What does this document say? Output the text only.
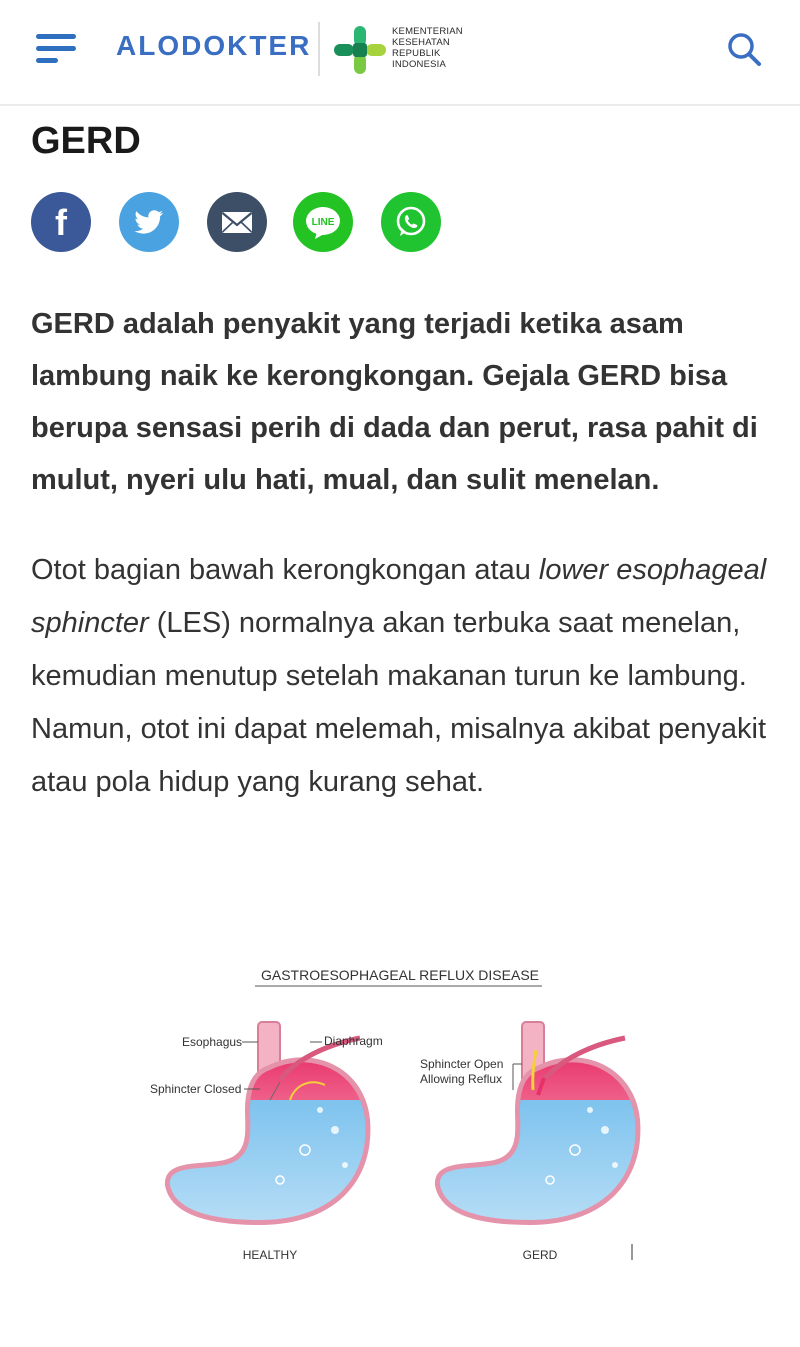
ALODOKTER	KEMENTERIAN
KESEHATAN
REPUBLIK
INDONESIA
GERD
f	LINE

GERD adalah penyakit yang terjadi ketika asam lambung naik ke kerongkongan. Gejala GERD bisa berupa sensasi perih di dada dan perut, rasa pahit di mulut, nyeri ulu hati, mual, dan sulit menelan.

Otot bagian bawah kerongkongan atau lower esophageal sphincter (LES) normalnya akan terbuka saat menelan, kemudian menutup setelah makanan turun ke lambung. Namun, otot ini dapat melemah, misalnya akibat penyakit atau pola hidup yang kurang sehat.

GASTROESOPHAGEAL REFLUX DISEASE
Esophagus	Diaphragm
Sphincter Closed
HEALTHY
Sphincter Open
Allowing Reflux
GERD
